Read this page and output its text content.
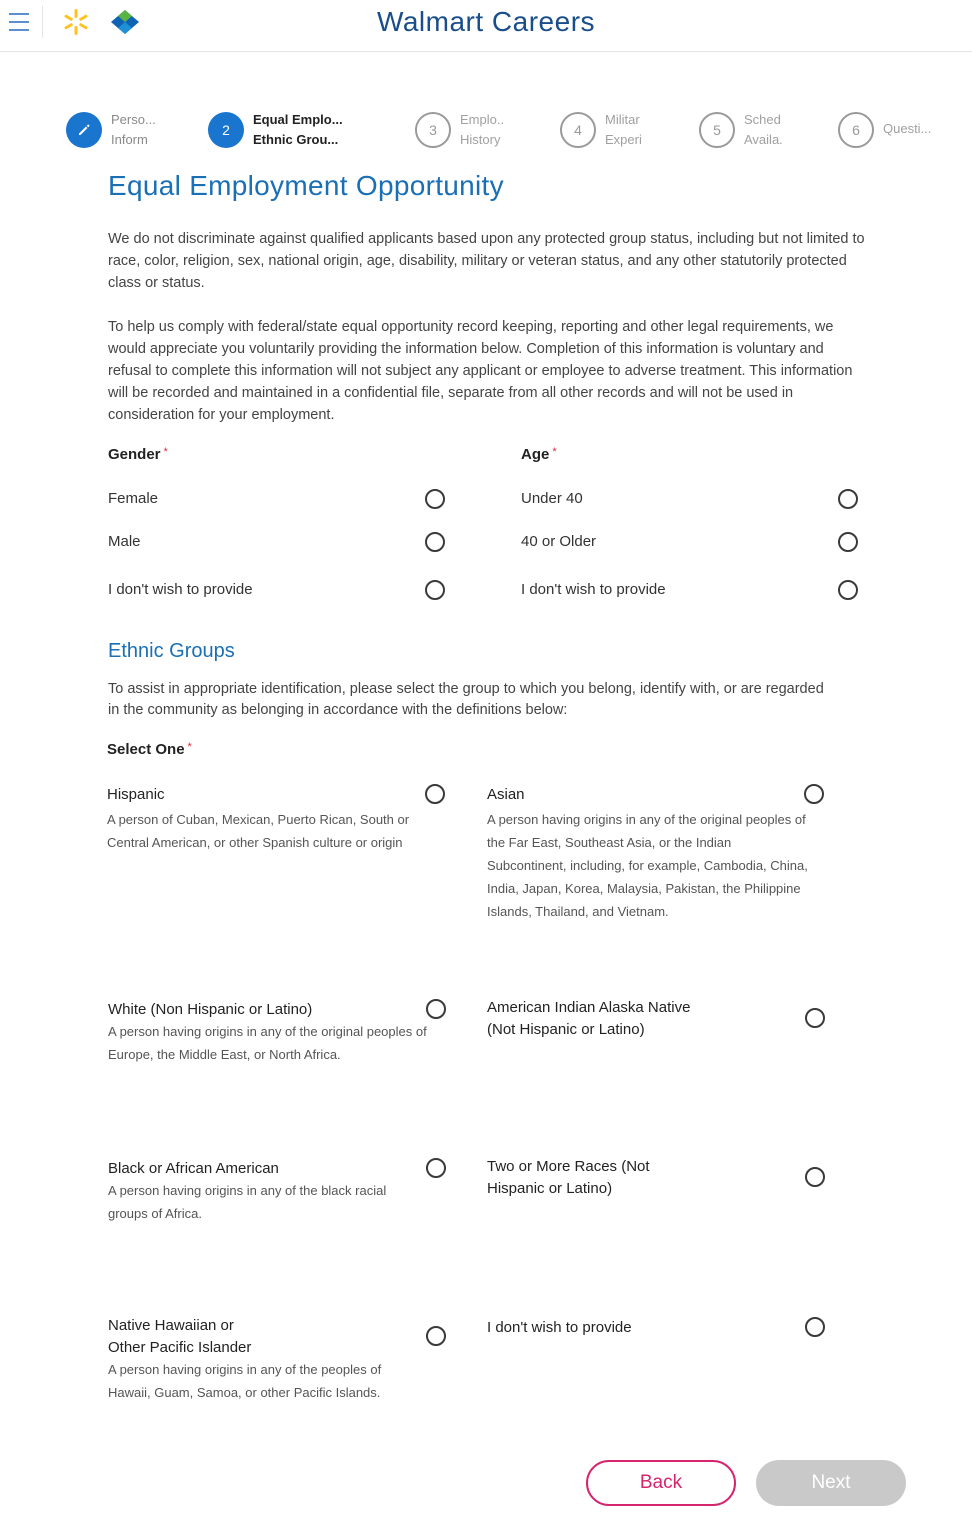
Walmart Careers
Perso...
Inform
2
Equal Emplo...
Ethnic Grou...
3
Emplo..
History
4
Militar
Experi
5
Sched
Availa.
6	Questi...
Equal Employment Opportunity
We do not discriminate against qualified applicants based upon any protected group status, including but not limited to race, color, religion, sex, national origin, age, disability, military or veteran status, and any other statutorily protected class or status.
To help us comply with federal/state equal opportunity record keeping, reporting and other legal requirements, we would appreciate you voluntarily providing the information below. Completion of this information is voluntary and refusal to complete this information will not subject any applicant or employee to adverse treatment. This information will be recorded and maintained in a confidential file, separate from all other records and will not be used in consideration for your employment.
Gender *
Female
Male
I don't wish to provide
Age *
Under 40
40 or Older
I don't wish to provide
Ethnic Groups
To assist in appropriate identification, please select the group to which you belong, identify with, or are regarded in the community as belonging in accordance with the definitions below:
Select One *
Hispanic
A person of Cuban, Mexican, Puerto Rican, South or Central American, or other Spanish culture or origin
Asian
A person having origins in any of the original peoples of the Far East, Southeast Asia, or the Indian Subcontinent, including, for example, Cambodia, China, India, Japan, Korea, Malaysia, Pakistan, the Philippine Islands, Thailand, and Vietnam.
White (Non Hispanic or Latino)
A person having origins in any of the original peoples of Europe, the Middle East, or North Africa.
American Indian Alaska Native (Not Hispanic or Latino)
Black or African American
A person having origins in any of the black racial groups of Africa.
Two or More Races (Not Hispanic or Latino)
Native Hawaiian or Other Pacific Islander
A person having origins in any of the peoples of Hawaii, Guam, Samoa, or other Pacific Islands.
I don't wish to provide
Back	Next
